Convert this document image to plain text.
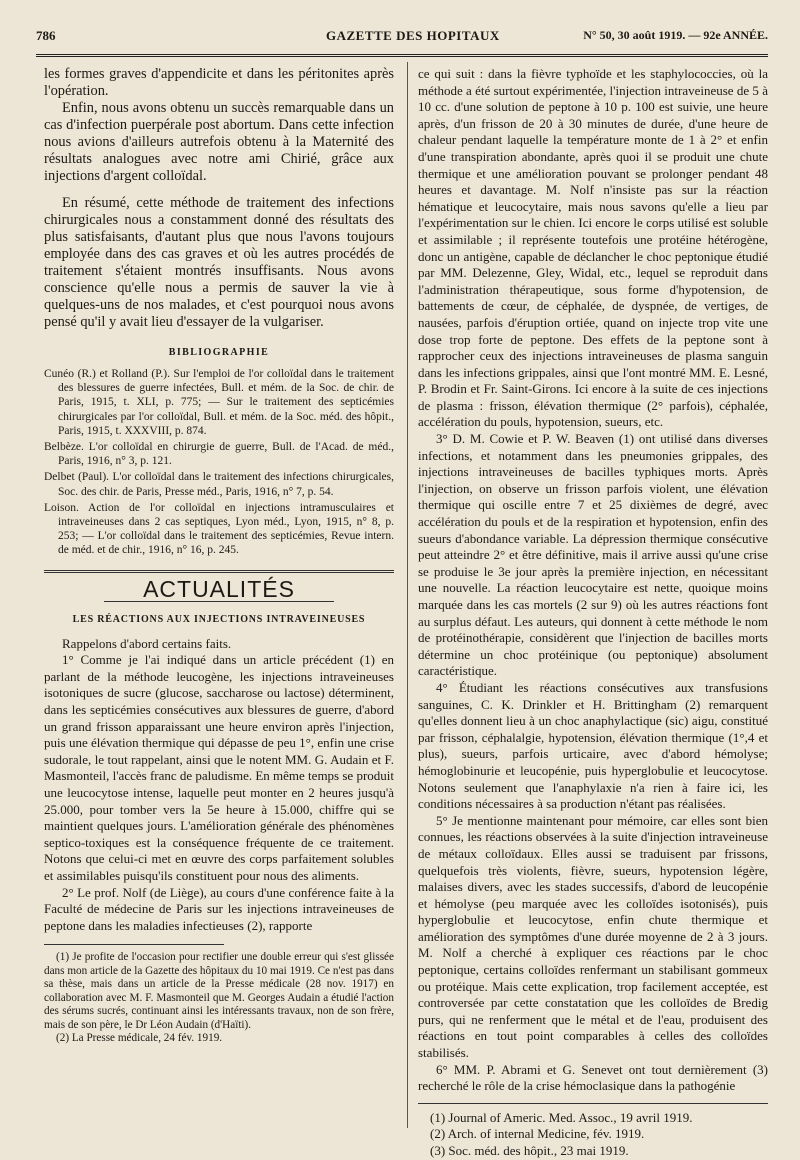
786	GAZETTE DES HOPITAUX	N° 50, 30 août 1919. — 92e ANNÉE.

les formes graves d'appendicite et dans les péritonites après l'opération.

Enfin, nous avons obtenu un succès remarquable dans un cas d'infection puerpérale post abortum. Dans cette infection nous avions d'ailleurs autrefois obtenu à la Maternité des résultats analogues avec notre ami Chirié, grâce aux injections d'argent colloïdal.

En résumé, cette méthode de traitement des infections chirurgicales nous a constamment donné des résultats des plus satisfaisants, d'autant plus que nous l'avons toujours employée dans des cas graves et où les autres procédés de traitement s'étaient montrés insuffisants. Nous avons conscience qu'elle nous a permis de sauver la vie à quelques-uns de nos malades, et c'est pourquoi nous avons pensé qu'il y avait lieu d'essayer de la vulgariser.

BIBLIOGRAPHIE

Cunéo (R.) et Rolland (P.). Sur l'emploi de l'or colloïdal dans le traitement des blessures de guerre infectées, Bull. et mém. de la Soc. de chir. de Paris, 1915, t. XLI, p. 775; — Sur le traitement des septicémies chirurgicales par l'or colloïdal, Bull. et mém. de la Soc. méd. des hôpit., Paris, 1915, t. XXXVIII, p. 874.

Belbèze. L'or colloïdal en chirurgie de guerre, Bull. de l'Acad. de méd., Paris, 1916, n° 3, p. 121.

Delbet (Paul). L'or colloïdal dans le traitement des infections chirurgicales, Soc. des chir. de Paris, Presse méd., Paris, 1916, n° 7, p. 54.

Loison. Action de l'or colloïdal en injections intramusculaires et intraveineuses dans 2 cas septiques, Lyon méd., Lyon, 1915, n° 8, p. 253; — L'or colloïdal dans le traitement des septicémies, Revue intern. de méd. et de chir., 1916, n° 16, p. 245.

ACTUALITÉS
LES RÉACTIONS AUX INJECTIONS INTRAVEINEUSES

Rappelons d'abord certains faits.

1° Comme je l'ai indiqué dans un article précédent (1) en parlant de la méthode leucogène, les injections intraveineuses isotoniques de sucre (glucose, saccharose ou lactose) déterminent, dans les septicémies consécutives aux blessures de guerre, d'abord un grand frisson apparaissant une heure environ après l'injection, puis une élévation thermique qui dépasse de peu 1°, enfin une crise sudorale, le tout rappelant, ainsi que le notent MM. G. Audain et F. Masmonteil, l'accès franc de paludisme. En même temps se produit une leucocytose intense, laquelle peut monter en 2 heures jusqu'à 25.000, pour tomber vers la 5e heure à 15.000, chiffre qui se maintient quelques jours. L'amélioration générale des phénomènes septico-toxiques est la conséquence fréquente de ce traitement. Notons que celui-ci met en œuvre des corps parfaitement solubles et assimilables puisqu'ils constituent pour nous des aliments.

2° Le prof. Nolf (de Liège), au cours d'une conférence faite à la Faculté de médecine de Paris sur les injections intraveineuses de peptone dans les maladies infectieuses (2), rapporte

(1) Je profite de l'occasion pour rectifier une double erreur qui s'est glissée dans mon article de la Gazette des hôpitaux du 10 mai 1919. Ce n'est pas dans sa thèse, mais dans un article de la Presse médicale (28 nov. 1917) en collaboration avec M. F. Masmonteil que M. Georges Audain a étudié l'action des sérums sucrés, continuant ainsi les intéressants travaux, non de son frère, mais de son père, le Dr Léon Audain (d'Haïti).

(2) La Presse médicale, 24 fév. 1919.

ce qui suit : dans la fièvre typhoïde et les staphylococcies, où la méthode a été surtout expérimentée, l'injection intraveineuse de 5 à 10 cc. d'une solution de peptone à 10 p. 100 est suivie, une heure après, d'un frisson de 20 à 30 minutes de durée, d'une heure de chaleur pendant laquelle la température monte de 1 à 2° et enfin d'une transpiration abondante, après quoi il se produit une chute thermique et une amélioration pouvant se prolonger pendant 48 heures et davantage. M. Nolf n'insiste pas sur la réaction hématique et leucocytaire, mais nous savons qu'elle a lieu par l'expérimentation sur le chien. Ici encore le corps utilisé est soluble et assimilable ; il représente toutefois une protéine hétérogène, donc un antigène, capable de déclancher le choc peptonique étudié par MM. Delezenne, Gley, Widal, etc., lequel se reproduit dans l'administration thérapeutique, sous forme d'hypotension, de battements de cœur, de céphalée, de dyspnée, de vertiges, de nausées, parfois d'éruption ortiée, quand on injecte trop vite une dose trop forte de peptone. Des effets de la peptone sont à rapprocher ceux des injections intraveineuses de plasma sanguin dans les infections grippales, ainsi que l'ont montré MM. E. Lesné, P. Brodin et Fr. Saint-Girons. Ici encore à la suite de ces injections de plasma : frisson, élévation thermique (2° parfois), céphalée, accélération du pouls, hypotension, sueurs, etc.

3° D. M. Cowie et P. W. Beaven (1) ont utilisé dans diverses infections, et notamment dans les pneumonies grippales, des injections intraveineuses de bacilles typhiques morts. Après l'injection, on observe un frisson parfois violent, une élévation thermique qui oscille entre 7 et 25 dixièmes de degré, avec accélération du pouls et de la respiration et hypotension, enfin des sueurs d'abondance variable. La dépression thermique consécutive peut atteindre 2° et être définitive, mais il arrive aussi qu'une crise se produise le 3e jour après la première injection, en nécessitant une nouvelle. La réaction leucocytaire est nette, quoique moins marquée dans les cas mortels (2 sur 9) où les autres réactions font au surplus défaut. Les auteurs, qui donnent à cette méthode le nom de protéinothérapie, considèrent que l'injection de bacilles morts détermine un choc protéinique (ou peptonique) absolument caractéristique.

4° Étudiant les réactions consécutives aux transfusions sanguines, C. K. Drinkler et H. Brittingham (2) remarquent qu'elles donnent lieu à un choc anaphylactique (sic) aigu, constitué par frisson, céphalalgie, hypotension, élévation thermique (1°,4 et plus), sueurs, parfois urticaire, avec d'abord hémolyse; hémoglobinurie et leucopénie, puis hyperglobulie et leucocytose. Notons seulement que l'anaphylaxie n'a rien à faire ici, les conditions nécessaires à sa production n'étant pas réalisées.

5° Je mentionne maintenant pour mémoire, car elles sont bien connues, les réactions observées à la suite d'injection intraveineuse de métaux colloïdaux. Elles aussi se traduisent par frissons, quelquefois très violents, fièvre, sueurs, hypotension légère, malaises divers, avec les stades successifs, d'abord de leucopénie et hémolyse (peu marquée avec les colloïdes isotonisés), puis hyperglobulie et leucocytose, enfin chute thermique et amélioration des symptômes d'une durée moyenne de 2 à 3 jours. M. Nolf a cherché à expliquer ces réactions par le choc peptonique, certains colloïdes renfermant un stabilisant gommeux ou protéique. Mais cette explication, trop facilement acceptée, est controversée par cette constatation que les colloïdes de Bredig purs, qui ne renferment que le métal et de l'eau, produisent des réactions en tout point comparables à celles des colloïdes stabilisés.

6° MM. P. Abrami et G. Senevet ont tout dernièrement (3) recherché le rôle de la crise hémoclasique dans la pathogénie

(1) Journal of Americ. Med. Assoc., 19 avril 1919.

(2) Arch. of internal Medicine, fév. 1919.

(3) Soc. méd. des hôpit., 23 mai 1919.
